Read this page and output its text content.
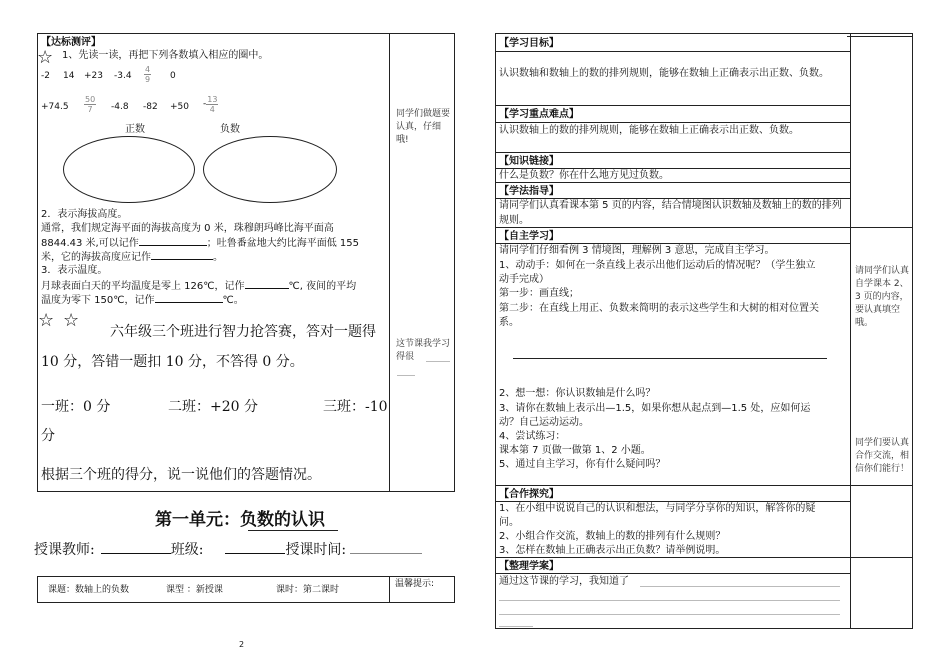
【达标测评】
☆ 1、先读一读，再把下列各数填入相应的圈中。
-2 14 +23 $-3.4 \frac{4}{9} 0$
$+74.5 \frac{50}{7} -4.8$ $-82 +50 - \frac{13}{4}$
正数	负数
2．表示海拔高度。
通常，我们规定海平面的海拔高度为 0 米，珠穆朗玛峰比海平面高
8844.43 米,可以记作	；吐鲁番盆地大约比海平面低 155
米，它的海拔高度应记作	。
3．表示温度。
月球表面白天的平均温度是零上 126℃，记作	℃, 夜间的平均
温度为零下 150℃，记作	℃。
☆ ☆
六年级三个班进行智力抢答赛，答对一题得
10 分，答错一题扣 10 分，不答得 0 分。
一班：0 分	二班：+20 分	三班：-10
分
根据三个班的得分，说一说他们的答题情况。
同学们做题要认真，仔细哦!
这节课我学习得很
第一单元：负数的认识
授课教师:	班级:	授课时间:
课题：数轴上的负数	课型 ：新授课	课时：第二课时
温馨提示:
2
【学习目标】
认识数轴和数轴上的数的排列规则，能够在数轴上正确表示出正数、负数。
【学习重点难点】
认识数轴上的数的排列规则，能够在数轴上正确表示出正数、负数。
【知识链接】
什么是负数？你在什么地方见过负数。
【学法指导】
请同学们认真看课本第 5 页的内容，结合情境图认识数轴及数轴上的数的排列规则。
【自主学习】
请同学们仔细看例 3 情境图，理解例 3 意思，完成自主学习。
1、动动手：如何在一条直线上表示出他们运动后的情况呢？（学生独立
动手完成）
第一步：画直线；
第二步：在直线上用正、负数来简明的表示这些学生和大树的相对位置关
系。
2、想一想：你认识数轴是什么吗？
3、请你在数轴上表示出—1.5，如果你想从起点到—1.5 处，应如何运
动？自己运动运动。
4、尝试练习：
课本第 7 页做一做第 1、2 小题。
5、通过自主学习，你有什么疑问吗？
请同学们认真自学课本 2、3 页的内容，要认真填空哦。
同学们要认真合作交流，相信你们能行！
【合作探究】
1、在小组中说说自己的认识和想法，与同学分享你的知识，解答你的疑
问。
2、小组合作交流，数轴上的数的排列有什么规则？
3、怎样在数轴上正确表示出正负数？请举例说明。
【整理学案】
通过这节课的学习，我知道了
